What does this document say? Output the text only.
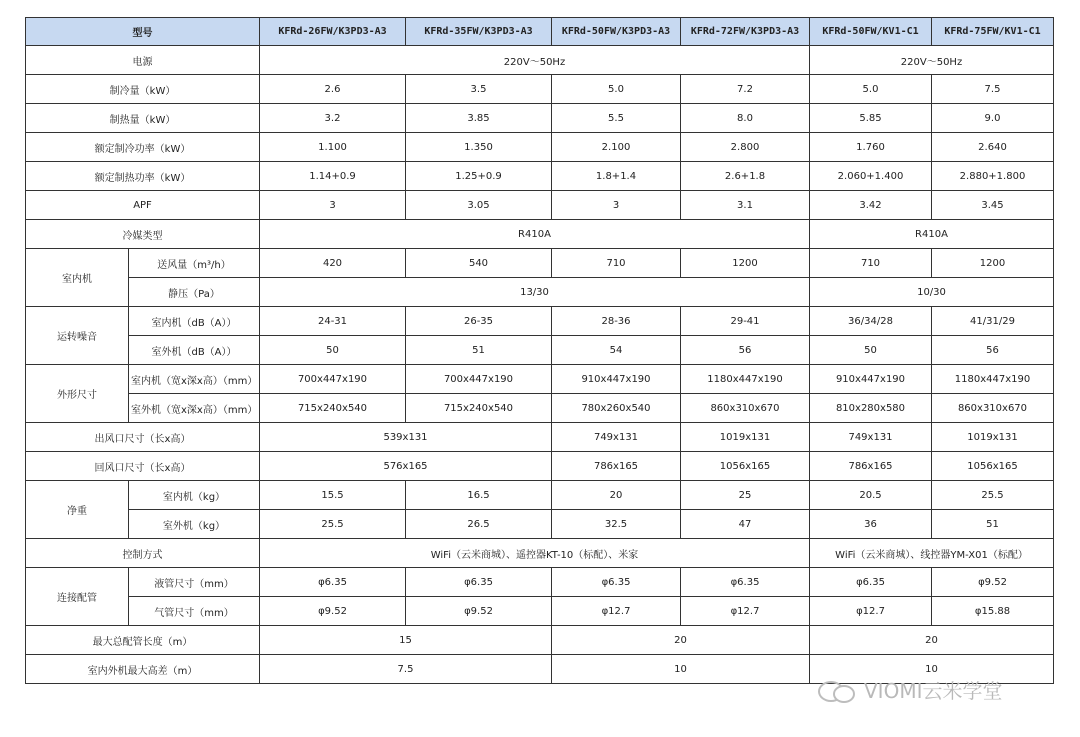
型号		KFRd-26FW/K3PD3-A3	KFRd-35FW/K3PD3-A3	KFRd-50FW/K3PD3-A3	KFRd-72FW/K3PD3-A3	KFRd-50FW/KV1-C1	KFRd-75FW/KV1-C1
电源		220V～50Hz				220V～50Hz	
制冷量（kW）		2.6	3.5	5.0	7.2	5.0	7.5
制热量（kW）		3.2	3.85	5.5	8.0	5.85	9.0
额定制冷功率（kW）		1.100	1.350	2.100	2.800	1.760	2.640
额定制热功率（kW）		1.14+0.9	1.25+0.9	1.8+1.4	2.6+1.8	2.060+1.400	2.880+1.800
APF		3	3.05	3	3.1	3.42	3.45
冷媒类型		R410A				R410A	
室内机	送风量（m³/h）	420	540	710	1200	710	1200
	静压（Pa）	13/30				10/30	
运转噪音	室内机（dB（A））	24-31	26-35	28-36	29-41	36/34/28	41/31/29
	室外机（dB（A））	50	51	54	56	50	56
外形尺寸	室内机（宽x深x高）（mm）	700x447x190	700x447x190	910x447x190	1180x447x190	910x447x190	1180x447x190
	室外机（宽x深x高）（mm）	715x240x540	715x240x540	780x260x540	860x310x670	810x280x580	860x310x670
出风口尺寸（长x高）		539x131		749x131	1019x131	749x131	1019x131
回风口尺寸（长x高）		576x165		786x165	1056x165	786x165	1056x165
净重	室内机（kg）	15.5	16.5	20	25	20.5	25.5
	室外机（kg）	25.5	26.5	32.5	47	36	51
控制方式		WiFi（云米商城）、遥控器KT-10（标配）、米家				WiFi（云米商城）、线控器YM-X01（标配）	
连接配管	液管尺寸（mm）	φ6.35	φ6.35	φ6.35	φ6.35	φ6.35	φ9.52
	气管尺寸（mm）	φ9.52	φ9.52	φ12.7	φ12.7	φ12.7	φ15.88
最大总配管长度（m）		15		20		20	
室内外机最大高差（m）		7.5		10		10	
VIOMI云米学堂
